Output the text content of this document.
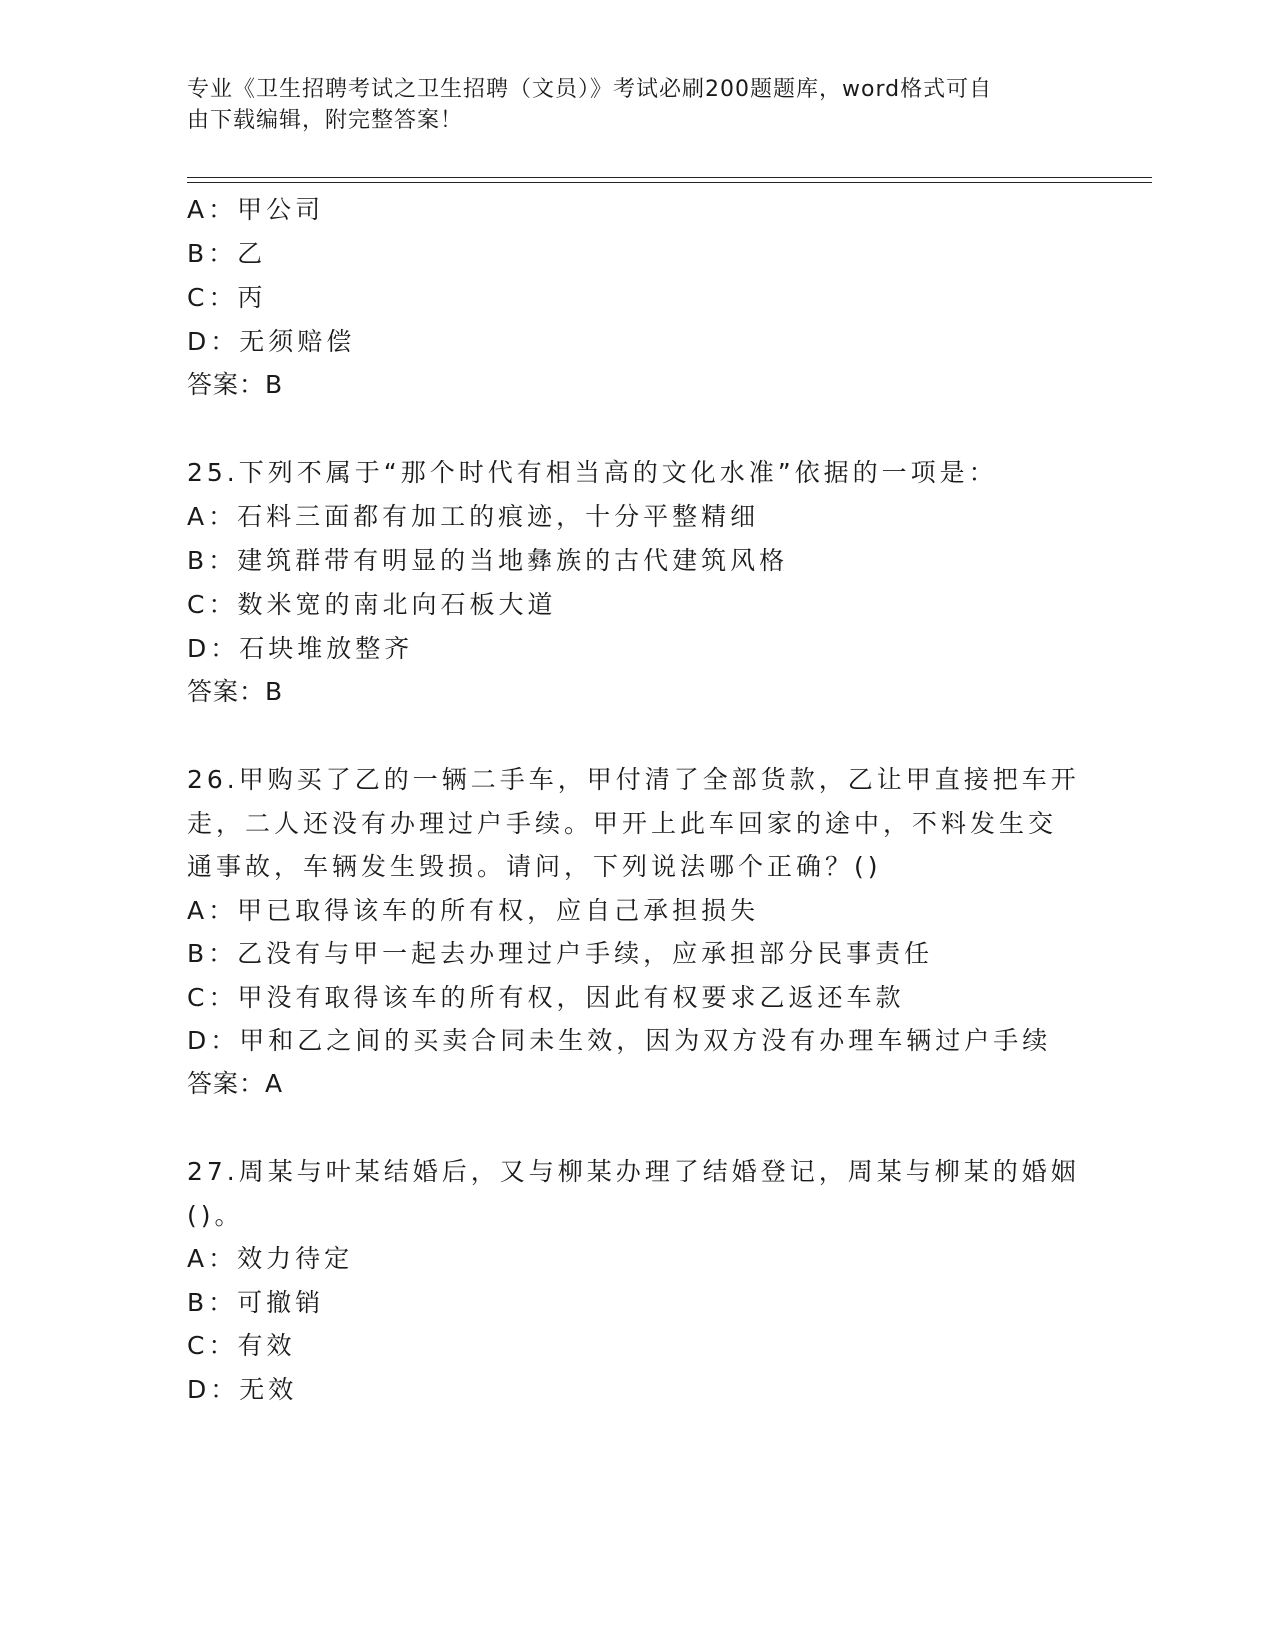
专业《卫生招聘考试之卫生招聘（文员）》考试必刷200题题库，word格式可自
由下载编辑，附完整答案！
A：甲公司
B：乙
C：丙
D：无须赔偿
答案：B
25.下列不属于“那个时代有相当高的文化水准”依据的一项是：
A：石料三面都有加工的痕迹，十分平整精细
B：建筑群带有明显的当地彝族的古代建筑风格
C：数米宽的南北向石板大道
D：石块堆放整齐
答案：B
26.甲购买了乙的一辆二手车，甲付清了全部货款，乙让甲直接把车开
走，二人还没有办理过户手续。甲开上此车回家的途中，不料发生交
通事故，车辆发生毁损。请问，下列说法哪个正确？()
A：甲已取得该车的所有权，应自己承担损失
B：乙没有与甲一起去办理过户手续，应承担部分民事责任
C：甲没有取得该车的所有权，因此有权要求乙返还车款
D：甲和乙之间的买卖合同未生效，因为双方没有办理车辆过户手续
答案：A
27.周某与叶某结婚后，又与柳某办理了结婚登记，周某与柳某的婚姻
()。
A：效力待定
B：可撤销
C：有效
D：无效
